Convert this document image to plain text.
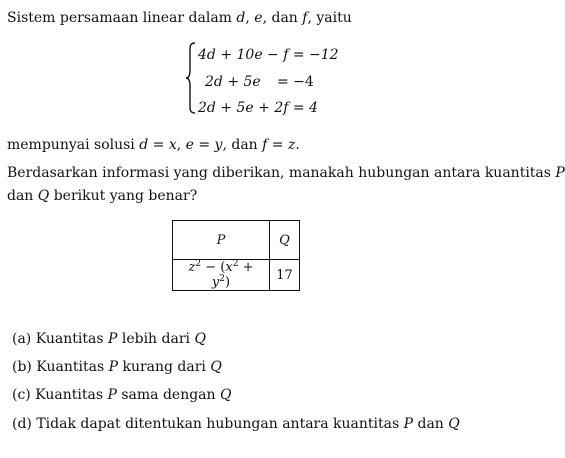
Sistem persamaan linear dalam d, e, dan f, yaitu
4d + 10e − f = −12
2d + 5e = −4
2d + 5e + 2f = 4
mempunyai solusi d = x, e = y, dan f = z.
Berdasarkan informasi yang diberikan, manakah hubungan antara kuantitas P
dan Q berikut yang benar?
P	Q
$z^2 - (x^2 + y^2)$	17
(a) Kuantitas P lebih dari Q
(b) Kuantitas P kurang dari Q
(c) Kuantitas P sama dengan Q
(d) Tidak dapat ditentukan hubungan antara kuantitas P dan Q
